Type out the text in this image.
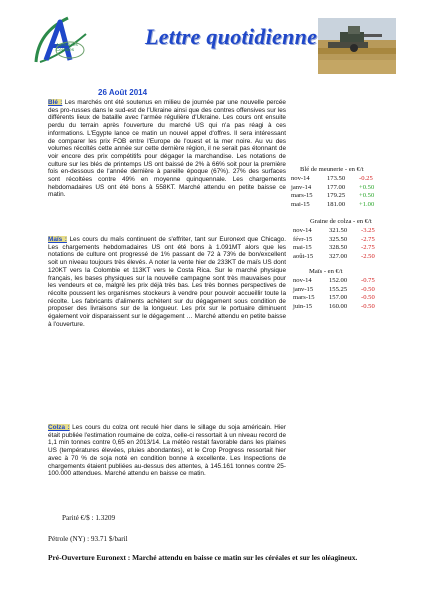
Agrifutures Céréales
Lettre quotidienne
26 Août 2014
Blé : Les marchés ont été soutenus en milieu de journée par une nouvelle percée des pro-russes dans le sud-est de l'Ukraine ainsi que des contres offensives sur les différents lieux de bataille avec l'armée régulière d'Ukraine. Les cours ont ensuite perdu du terrain après l'ouverture du marché US qui n'a pas réagi à ces informations. L'Egypte lance ce matin un nouvel appel d'offres. Il sera intéressant de comparer les prix FOB entre l'Europe de l'ouest et la mer noire. Au vu des volumes récoltés cette année sur cette dernière région, il ne serait pas étonnant de voir encore des prix compétitifs pour dégager la marchandise. Les notations de culture sur les blés de printemps US ont baissé de 2% à 66% soit pour la première fois en-dessous de l'année dernière à pareille époque (67%). 27% des surfaces sont récoltées contre 49% en moyenne quinquennale. Les chargements hebdomadaires US ont été bons à 558KT. Marché attendu en petite baisse ce matin.
Maïs : Les cours du maïs continuent de s'effriter, tant sur Euronext que Chicago. Les chargements hebdomadaires US ont été bons à 1.091MT alors que les notations de culture ont progressé de 1% passant de 72 à 73% de bon/excellent soit un niveau toujours très élevés. A noter la vente hier de 233KT de maïs US dont 120KT vers la Colombie et 113KT vers le Costa Rica. Sur le marché physique français, les bases physiques sur la nouvelle campagne sont très mauvaises pour les vendeurs et ce, malgré les prix déjà très bas. Les très bonnes perspectives de récolte poussent les organismes stockeurs à vendre pour pouvoir accueillir toute la récolte. Les fabricants d'aliments achètent sur du dégagement sous condition de proposer des livraisons sur de la longueur. Les prix sur le portuaire diminuent également voir disparaissent sur le dégagement … Marché attendu en petite baisse à l'ouverture.
Colza : Les cours du colza ont reculé hier dans le sillage du soja américain. Hier était publiée l'estimation roumaine de colza, celle-ci ressortait à un niveau record de 1,1 min tonnes contre 0,65 en 2013/14. La météo restait favorable dans les plaines US (températures élevées, pluies abondantes), et le Crop Progress ressortait hier avec à 70 % de soja noté en condition bonne à excellente. Les Inspections de chargements étaient publiées au-dessus des attentes, à 145.161 tonnes contre 25-100.000 attendues. Marché attendu en baisse ce matin.
Blé de meunerie - en €/t
nov-14	173.50	-0.25
janv-14	177.00	+0.50
mars-15	179.25	+0.50
mai-15	181.00	+1.00
Graine de colza - en €/t
nov-14	321.50	-3.25
févr-15	325.50	-2.75
mai-15	328.50	-2.75
août-15	327.00	-2.50
Maïs - en €/t
nov-14	152.00	-0.75
janv-15	155.25	-0.50
mars-15	157.00	-0.50
juin-15	160.00	-0.50
Parité €/$ : 1.3209
Pétrole (NY) : 93.71 $/baril
Pré-Ouverture Euronext : Marché attendu en baisse ce matin sur les céréales et sur les oléagineux.
